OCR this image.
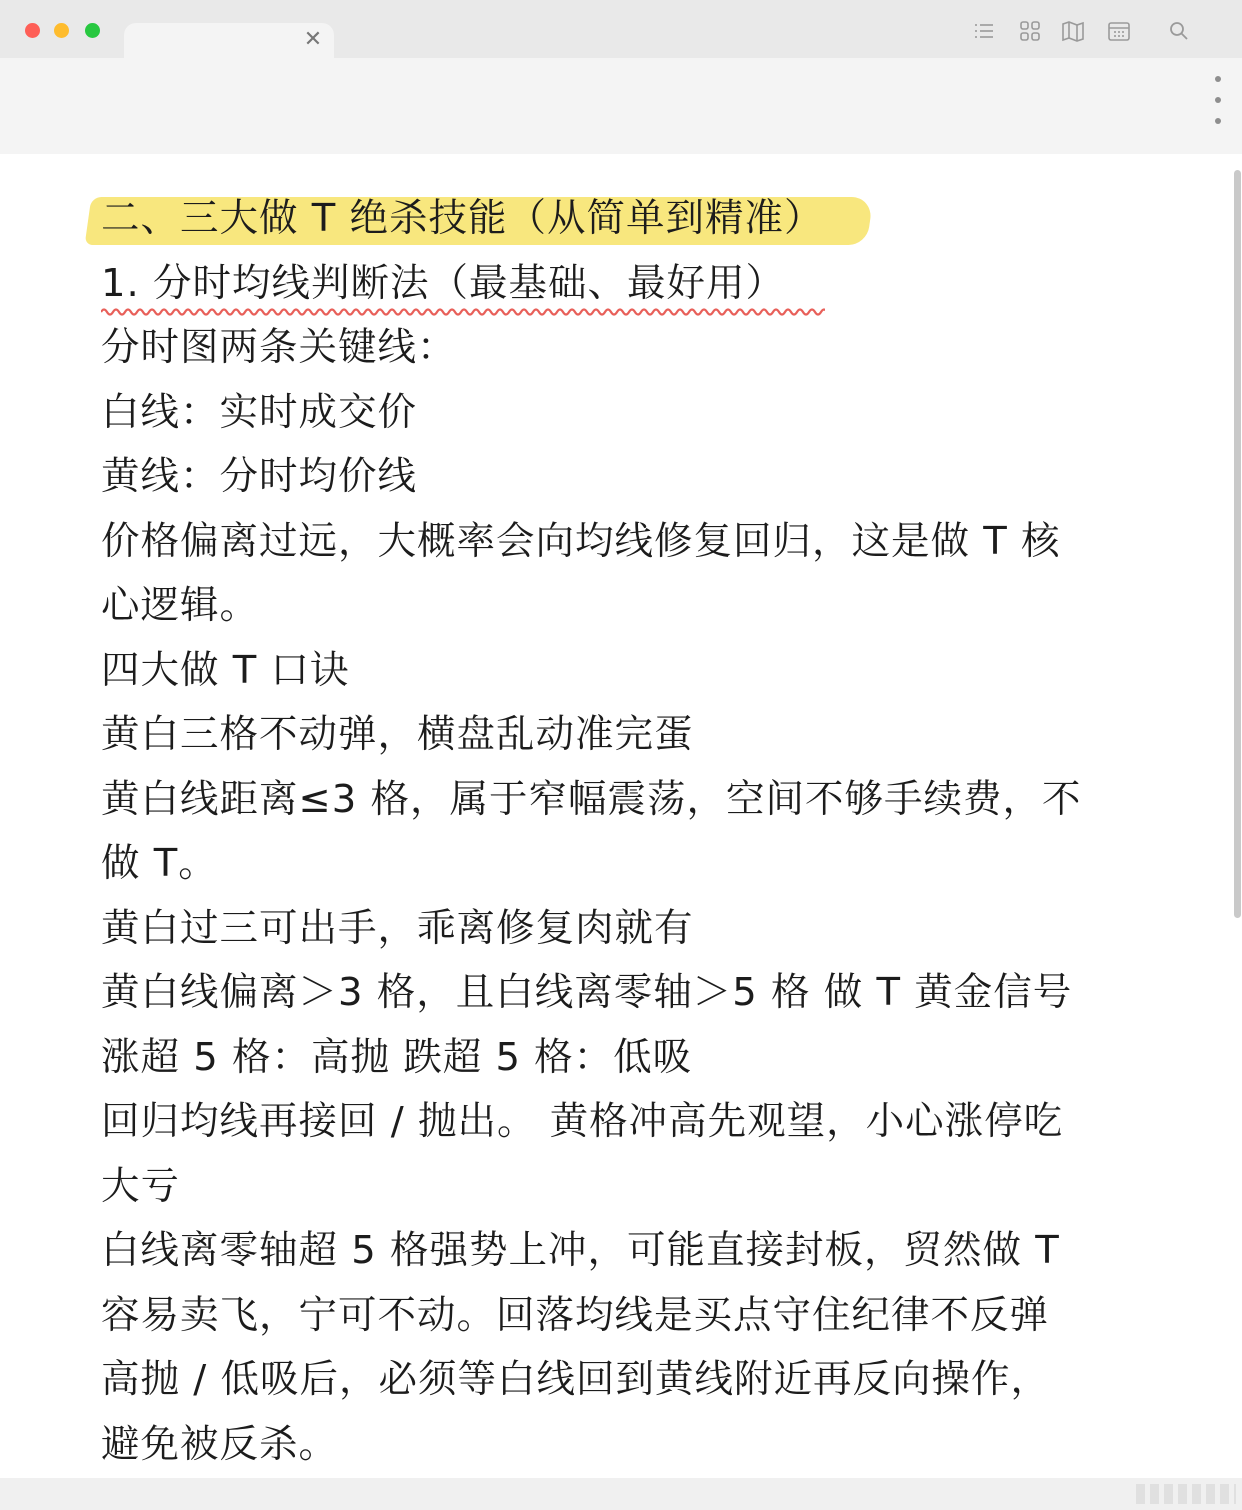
✕
二、三大做 T 绝杀技能（从简单到精准）
1. 分时均线判断法（最基础、最好用）
分时图两条关键线：
白线：实时成交价
黄线：分时均价线
价格偏离过远，大概率会向均线修复回归，这是做 T 核
心逻辑。
四大做 T 口诀
黄白三格不动弹，横盘乱动准完蛋
黄白线距离≤3 格，属于窄幅震荡，空间不够手续费，不
做 T。
黄白过三可出手，乖离修复肉就有
黄白线偏离＞3 格，且白线离零轴＞5 格 做 T 黄金信号
涨超 5 格：高抛 跌超 5 格：低吸
回归均线再接回 / 抛出。 黄格冲高先观望，小心涨停吃
大亏
白线离零轴超 5 格强势上冲，可能直接封板，贸然做 T
容易卖飞，宁可不动。回落均线是买点守住纪律不反弹
高抛 / 低吸后，必须等白线回到黄线附近再反向操作，
避免被反杀。
